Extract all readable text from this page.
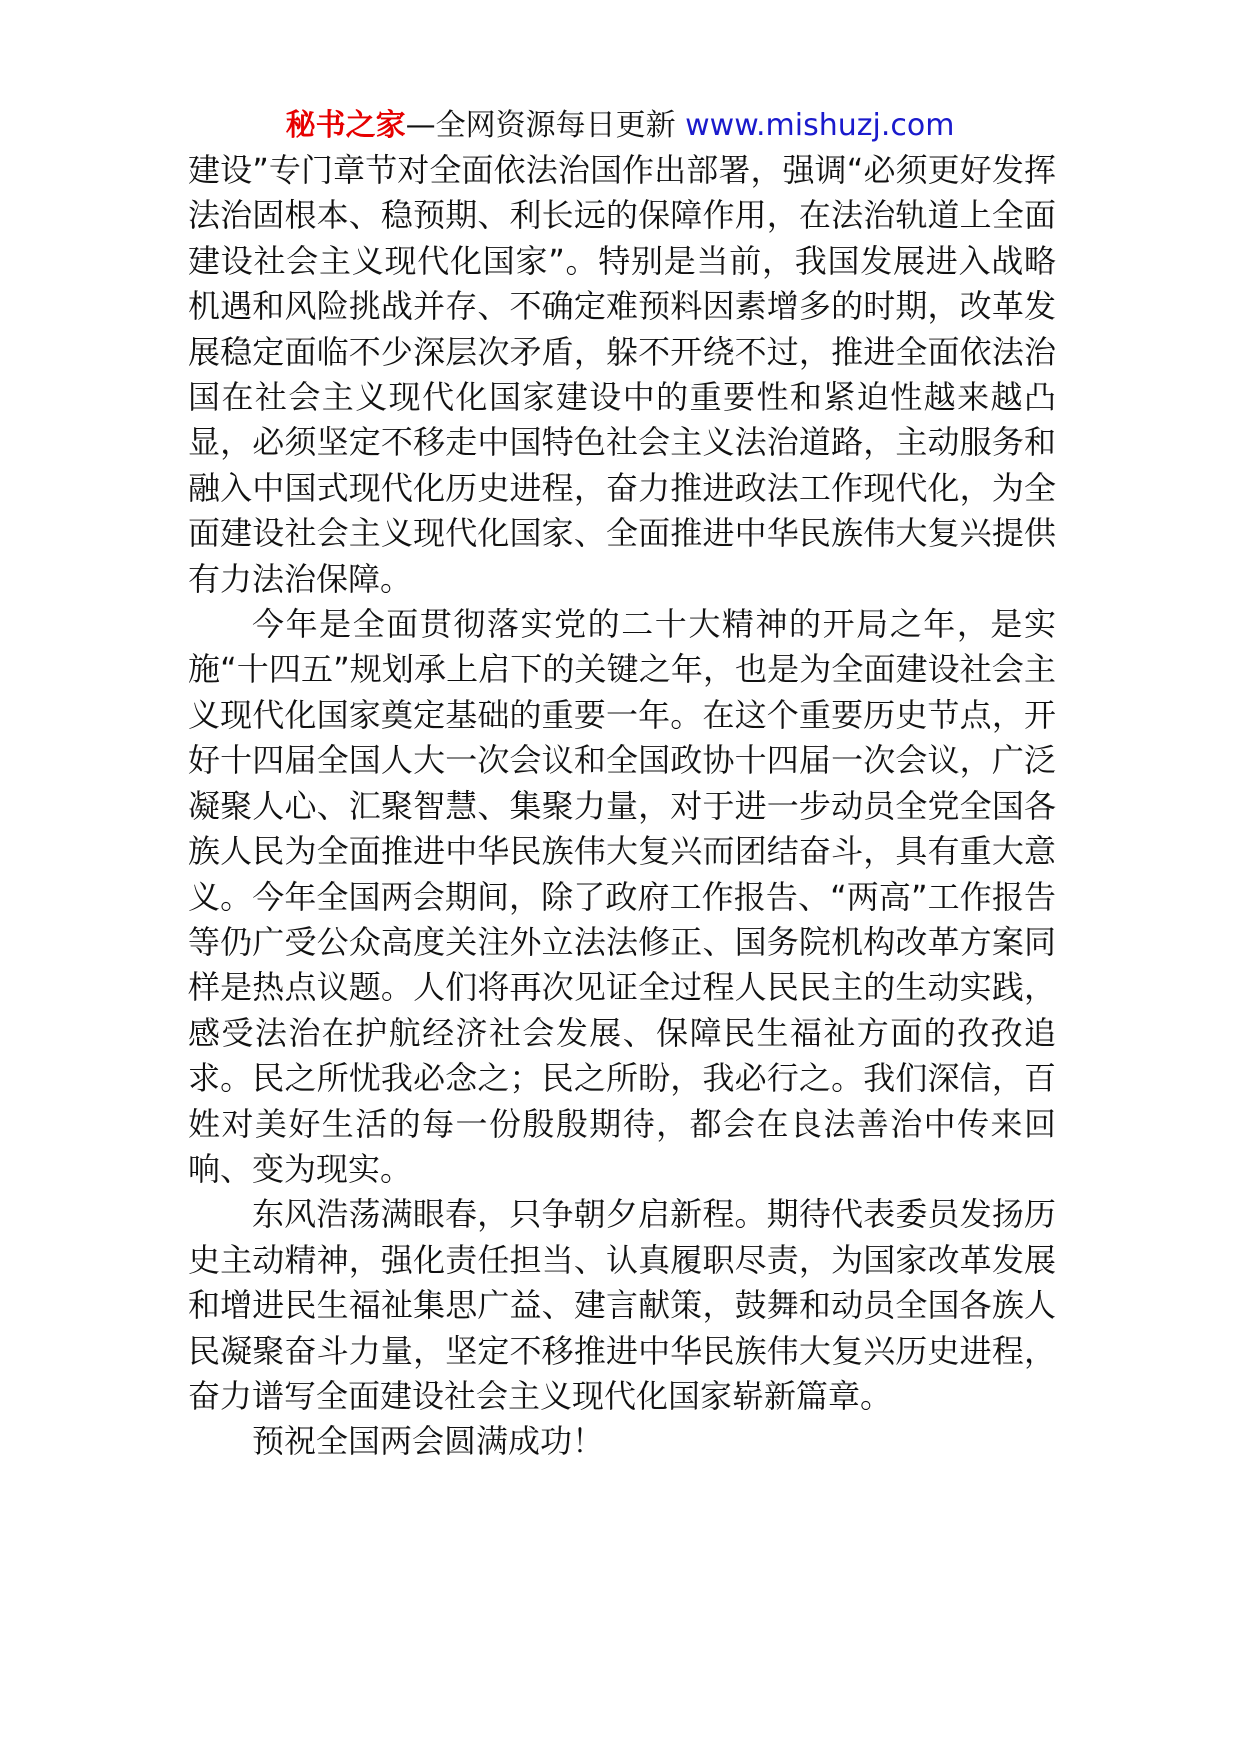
秘书之家—全网资源每日更新 www.mishuzj.com

建设”专门章节对全面依法治国作出部署，强调“必须更好发挥法治固根本、稳预期、利长远的保障作用，在法治轨道上全面建设社会主义现代化国家”。特别是当前，我国发展进入战略机遇和风险挑战并存、不确定难预料因素增多的时期，改革发展稳定面临不少深层次矛盾，躲不开绕不过，推进全面依法治国在社会主义现代化国家建设中的重要性和紧迫性越来越凸显，必须坚定不移走中国特色社会主义法治道路，主动服务和融入中国式现代化历史进程，奋力推进政法工作现代化，为全面建设社会主义现代化国家、全面推进中华民族伟大复兴提供有力法治保障。

今年是全面贯彻落实党的二十大精神的开局之年，是实施“十四五”规划承上启下的关键之年，也是为全面建设社会主义现代化国家奠定基础的重要一年。在这个重要历史节点，开好十四届全国人大一次会议和全国政协十四届一次会议，广泛凝聚人心、汇聚智慧、集聚力量，对于进一步动员全党全国各族人民为全面推进中华民族伟大复兴而团结奋斗，具有重大意义。今年全国两会期间，除了政府工作报告、“两高”工作报告等仍广受公众高度关注外立法法修正、国务院机构改革方案同样是热点议题。人们将再次见证全过程人民民主的生动实践，感受法治在护航经济社会发展、保障民生福祉方面的孜孜追求。民之所忧我必念之；民之所盼，我必行之。我们深信，百姓对美好生活的每一份殷殷期待，都会在良法善治中传来回响、变为现实。

东风浩荡满眼春，只争朝夕启新程。期待代表委员发扬历史主动精神，强化责任担当、认真履职尽责，为国家改革发展和增进民生福祉集思广益、建言献策，鼓舞和动员全国各族人民凝聚奋斗力量，坚定不移推进中华民族伟大复兴历史进程，奋力谱写全面建设社会主义现代化国家崭新篇章。

预祝全国两会圆满成功！
